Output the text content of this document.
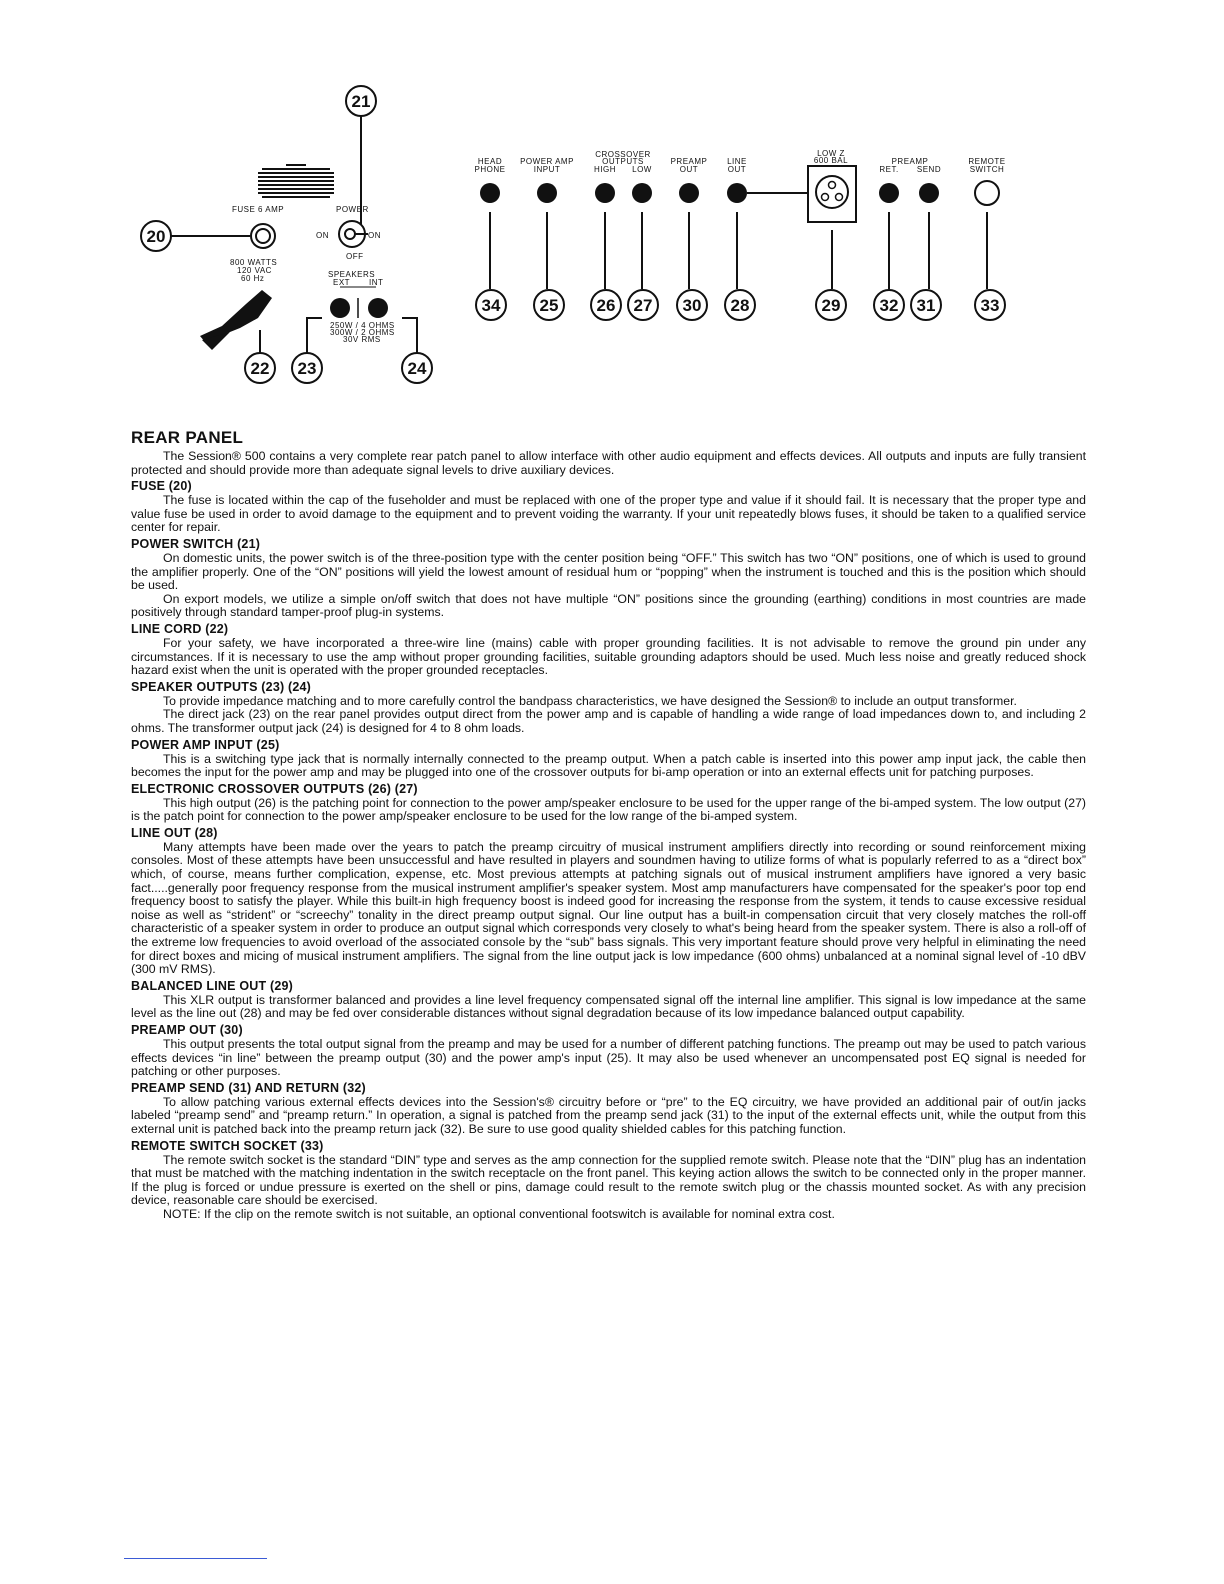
21
FUSE 6 AMP
20
POWER
ON	ON
OFF
800 WATTS
120 VAC
60 Hz	SPEAKERS
EXT INT
250W / 4 OHMS
300W / 2 OHMS
30V RMS
22 23	24
HEAD
PHONE
POWER AMP
INPUT
CROSSOVER
OUTPUTS
HIGH LOW
PREAMP
OUT
LINE
OUT
LOW Z
600 BAL	PREAMP
RET. SEND
REMOTE
SWITCH
34 25 26 27 30 28	29 32 31	33
REAR PANEL

The Session® 500 contains a very complete rear patch panel to allow interface with other audio equipment and effects devices. All outputs and inputs are fully transient protected and should provide more than adequate signal levels to drive auxiliary devices.

FUSE (20)

The fuse is located within the cap of the fuseholder and must be replaced with one of the proper type and value if it should fail. It is necessary that the proper type and value fuse be used in order to avoid damage to the equipment and to prevent voiding the warranty. If your unit repeatedly blows fuses, it should be taken to a qualified service center for repair.

POWER SWITCH (21)

On domestic units, the power switch is of the three-position type with the center position being “OFF.” This switch has two “ON” positions, one of which is used to ground the amplifier properly. One of the “ON” positions will yield the lowest amount of residual hum or “popping” when the instrument is touched and this is the position which should be used.

On export models, we utilize a simple on/off switch that does not have multiple “ON” positions since the grounding (earthing) conditions in most countries are made positively through standard tamper-proof plug-in systems.

LINE CORD (22)

For your safety, we have incorporated a three-wire line (mains) cable with proper grounding facilities. It is not advisable to remove the ground pin under any circumstances. If it is necessary to use the amp without proper grounding facilities, suitable grounding adaptors should be used. Much less noise and greatly reduced shock hazard exist when the unit is operated with the proper grounded receptacles.

SPEAKER OUTPUTS (23) (24)

To provide impedance matching and to more carefully control the bandpass characteristics, we have designed the Session® to include an output transformer.

The direct jack (23) on the rear panel provides output direct from the power amp and is capable of handling a wide range of load impedances down to, and including 2 ohms. The transformer output jack (24) is designed for 4 to 8 ohm loads.

POWER AMP INPUT (25)

This is a switching type jack that is normally internally connected to the preamp output. When a patch cable is inserted into this power amp input jack, the cable then becomes the input for the power amp and may be plugged into one of the crossover outputs for bi-amp operation or into an external effects unit for patching purposes.

ELECTRONIC CROSSOVER OUTPUTS (26) (27)

This high output (26) is the patching point for connection to the power amp/speaker enclosure to be used for the upper range of the bi-amped system. The low output (27) is the patch point for connection to the power amp/speaker enclosure to be used for the low range of the bi-amped system.

LINE OUT (28)

Many attempts have been made over the years to patch the preamp circuitry of musical instrument amplifiers directly into recording or sound reinforcement mixing consoles. Most of these attempts have been unsuccessful and have resulted in players and soundmen having to utilize forms of what is popularly referred to as a “direct box” which, of course, means further complication, expense, etc. Most previous attempts at patching signals out of musical instrument amplifiers have ignored a very basic fact.....generally poor frequency response from the musical instrument amplifier's speaker system. Most amp manufacturers have compensated for the speaker's poor top end frequency boost to satisfy the player. While this built-in high frequency boost is indeed good for increasing the response from the system, it tends to cause excessive residual noise as well as “strident” or “screechy” tonality in the direct preamp output signal. Our line output has a built-in compensation circuit that very closely matches the roll-off characteristic of a speaker system in order to produce an output signal which corresponds very closely to what's being heard from the speaker system. There is also a roll-off of the extreme low frequencies to avoid overload of the associated console by the “sub” bass signals. This very important feature should prove very helpful in eliminating the need for direct boxes and micing of musical instrument amplifiers. The signal from the line output jack is low impedance (600 ohms) unbalanced at a nominal signal level of -10 dBV (300 mV RMS).

BALANCED LINE OUT (29)

This XLR output is transformer balanced and provides a line level frequency compensated signal off the internal line amplifier. This signal is low impedance at the same level as the line out (28) and may be fed over considerable distances without signal degradation because of its low impedance balanced output capability.

PREAMP OUT (30)

This output presents the total output signal from the preamp and may be used for a number of different patching functions. The preamp out may be used to patch various effects devices “in line” between the preamp output (30) and the power amp's input (25). It may also be used whenever an uncompensated post EQ signal is needed for patching or other purposes.

PREAMP SEND (31) AND RETURN (32)

To allow patching various external effects devices into the Session's® circuitry before or “pre” to the EQ circuitry, we have provided an additional pair of out/in jacks labeled “preamp send” and “preamp return.” In operation, a signal is patched from the preamp send jack (31) to the input of the external effects unit, while the output from this external unit is patched back into the preamp return jack (32). Be sure to use good quality shielded cables for this patching function.

REMOTE SWITCH SOCKET (33)

The remote switch socket is the standard “DIN” type and serves as the amp connection for the supplied remote switch. Please note that the “DIN” plug has an indentation that must be matched with the matching indentation in the switch receptacle on the front panel. This keying action allows the switch to be connected only in the proper manner. If the plug is forced or undue pressure is exerted on the shell or pins, damage could result to the remote switch plug or the chassis mounted socket. As with any precision device, reasonable care should be exercised.

NOTE: If the clip on the remote switch is not suitable, an optional conventional footswitch is available for nominal extra cost.
